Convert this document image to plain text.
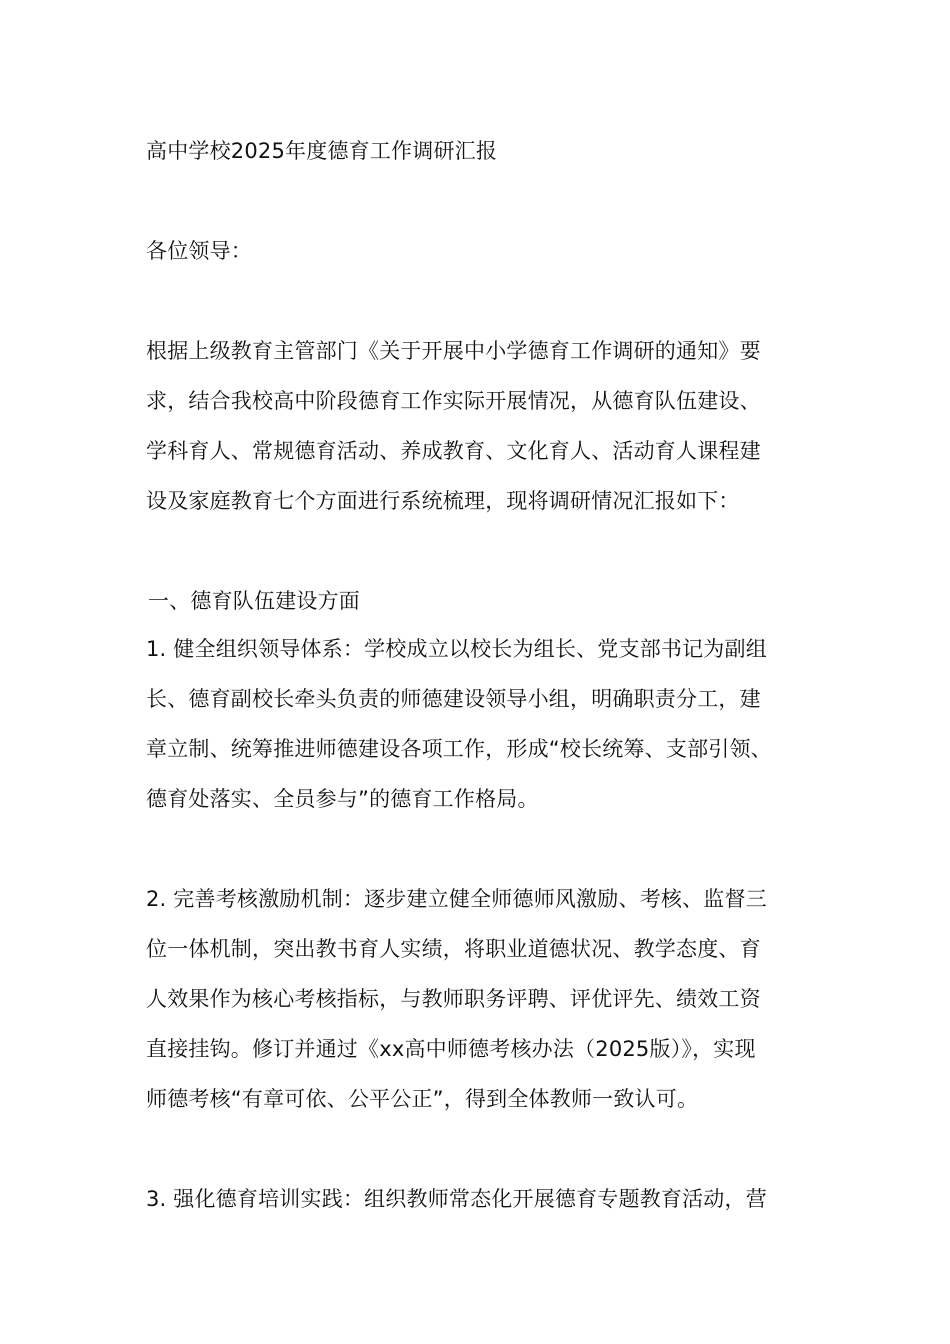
高中学校2025年度德育工作调研汇报
各位领导：
根据上级教育主管部门《关于开展中小学德育工作调研的通知》要
求，结合我校高中阶段德育工作实际开展情况，从德育队伍建设、
学科育人、常规德育活动、养成教育、文化育人、活动育人课程建
设及家庭教育七个方面进行系统梳理，现将调研情况汇报如下：
一、德育队伍建设方面
1. 健全组织领导体系：学校成立以校长为组长、党支部书记为副组
长、德育副校长牵头负责的师德建设领导小组，明确职责分工，建
章立制、统筹推进师德建设各项工作，形成“校长统筹、支部引领、
德育处落实、全员参与”的德育工作格局。
2. 完善考核激励机制：逐步建立健全师德师风激励、考核、监督三
位一体机制，突出教书育人实绩，将职业道德状况、教学态度、育
人效果作为核心考核指标，与教师职务评聘、评优评先、绩效工资
直接挂钩。修订并通过《xx高中师德考核办法（2025版）》，实现
师德考核“有章可依、公平公正”，得到全体教师一致认可。
3. 强化德育培训实践：组织教师常态化开展德育专题教育活动，营
